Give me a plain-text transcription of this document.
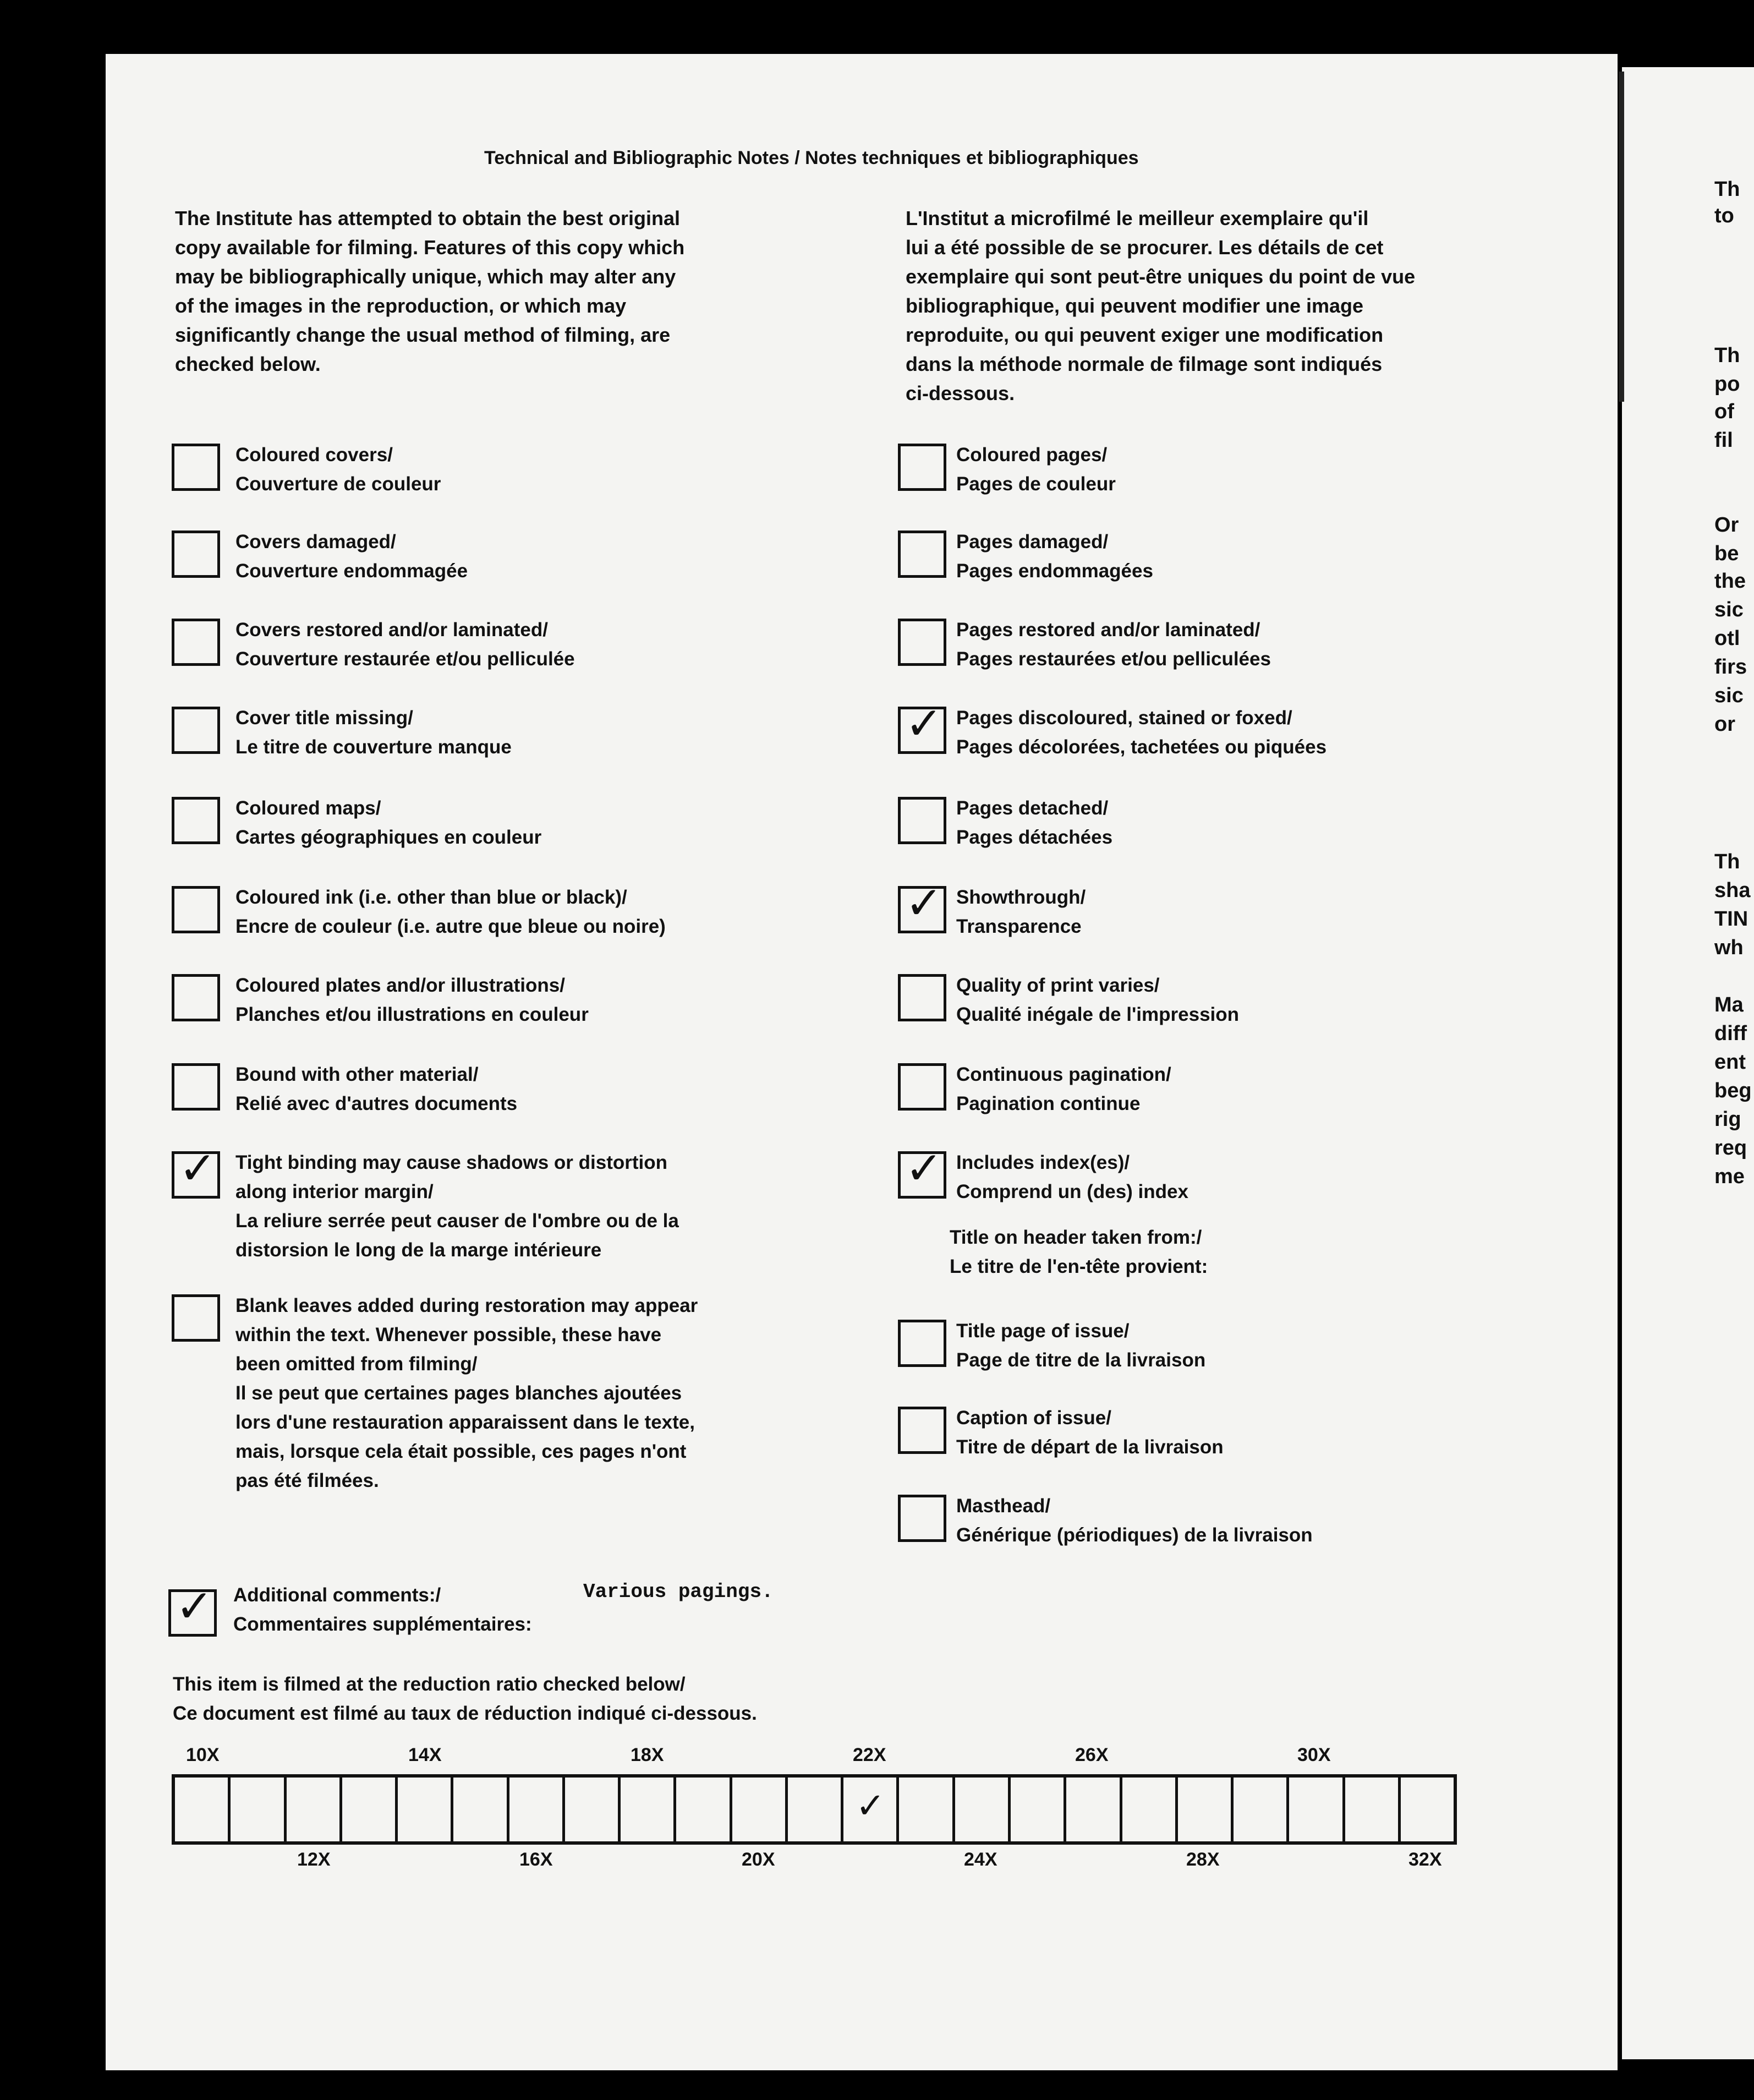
Technical and Bibliographic Notes / Notes techniques et bibliographiques
The Institute has attempted to obtain the best original
copy available for filming. Features of this copy which
may be bibliographically unique, which may alter any
of the images in the reproduction, or which may
significantly change the usual method of filming, are
checked below.
L'Institut a microfilmé le meilleur exemplaire qu'il
lui a été possible de se procurer. Les détails de cet
exemplaire qui sont peut-être uniques du point de vue
bibliographique, qui peuvent modifier une image
reproduite, ou qui peuvent exiger une modification
dans la méthode normale de filmage sont indiqués
ci-dessous.
Coloured covers/
Couverture de couleur
Covers damaged/
Couverture endommagée
Covers restored and/or laminated/
Couverture restaurée et/ou pelliculée
Cover title missing/
Le titre de couverture manque
Coloured maps/
Cartes géographiques en couleur
Coloured ink (i.e. other than blue or black)/
Encre de couleur (i.e. autre que bleue ou noire)
Coloured plates and/or illustrations/
Planches et/ou illustrations en couleur
Bound with other material/
Relié avec d'autres documents
✓ Tight binding may cause shadows or distortion
along interior margin/
La reliure serrée peut causer de l'ombre ou de la
distorsion le long de la marge intérieure
Blank leaves added during restoration may appear
within the text. Whenever possible, these have
been omitted from filming/
Il se peut que certaines pages blanches ajoutées
lors d'une restauration apparaissent dans le texte,
mais, lorsque cela était possible, ces pages n'ont
pas été filmées.
Coloured pages/
Pages de couleur
Pages damaged/
Pages endommagées
Pages restored and/or laminated/
Pages restaurées et/ou pelliculées
✓ Pages discoloured, stained or foxed/
Pages décolorées, tachetées ou piquées
Pages detached/
Pages détachées
✓ Showthrough/
Transparence
Quality of print varies/
Qualité inégale de l'impression
Continuous pagination/
Pagination continue
✓ Includes index(es)/
Comprend un (des) index
Title page of issue/
Page de titre de la livraison
Caption of issue/
Titre de départ de la livraison
Masthead/
Générique (périodiques) de la livraison
Title on header taken from:/
Le titre de l'en-tête provient:
✓ Additional comments:/
Commentaires supplémentaires:
Various pagings.
This item is filmed at the reduction ratio checked below/
Ce document est filmé au taux de réduction indiqué ci-dessous.
10X	14X	18X	22X	26X	30X
✓
12X	16X	20X	24X	28X	32X
Th
to
Th
po
of
fil
Or
be
the
sic
otl
firs
sic
or
Th
sha
TIN
wh
Ma
diff
ent
beg
rig
req
me
